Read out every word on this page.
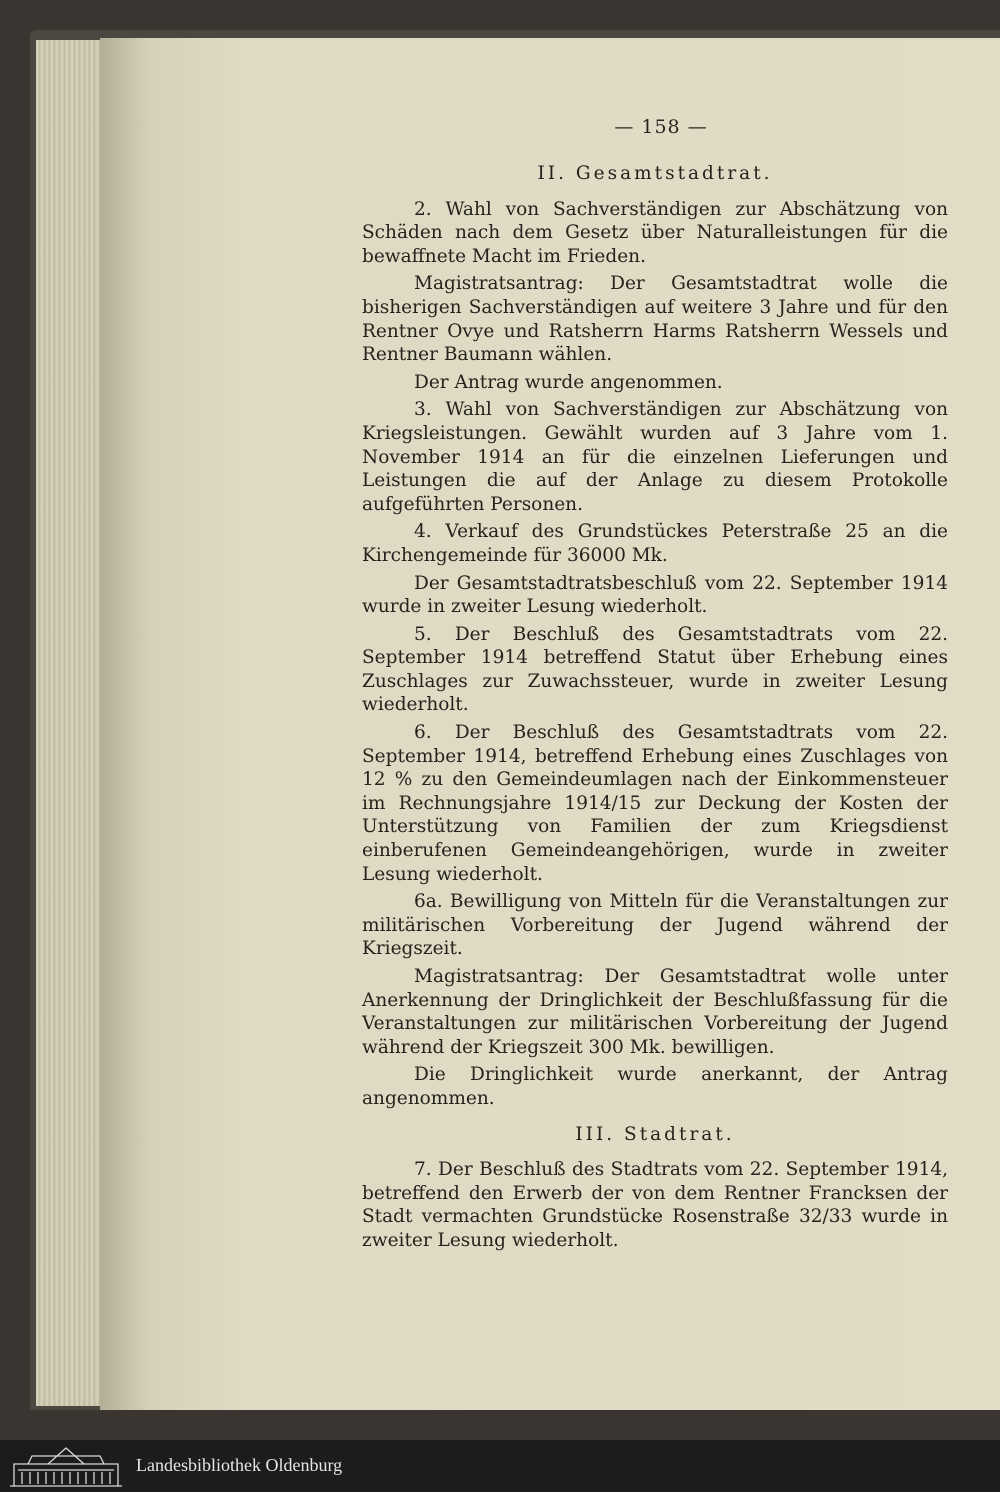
— 158 —

II. Gesamtstadtrat.

2. Wahl von Sachverständigen zur Abschätzung von Schäden nach dem Gesetz über Naturalleistungen für die bewaffnete Macht im Frieden.

Magistratsantrag: Der Gesamtstadtrat wolle die bisherigen Sachverständigen auf weitere 3 Jahre und für den Rentner Ovye und Ratsherrn Harms Ratsherrn Wessels und Rentner Baumann wählen.

Der Antrag wurde angenommen.

3. Wahl von Sachverständigen zur Abschätzung von Kriegsleistungen. Gewählt wurden auf 3 Jahre vom 1. November 1914 an für die einzelnen Lieferungen und Leistungen die auf der Anlage zu diesem Protokolle aufgeführten Personen.

4. Verkauf des Grundstückes Peterstraße 25 an die Kirchengemeinde für 36000 Mk.

Der Gesamtstadtratsbeschluß vom 22. September 1914 wurde in zweiter Lesung wiederholt.

5. Der Beschluß des Gesamtstadtrats vom 22. September 1914 betreffend Statut über Erhebung eines Zuschlages zur Zuwachssteuer, wurde in zweiter Lesung wiederholt.

6. Der Beschluß des Gesamtstadtrats vom 22. September 1914, betreffend Erhebung eines Zuschlages von 12 % zu den Gemeindeumlagen nach der Einkommensteuer im Rechnungsjahre 1914/15 zur Deckung der Kosten der Unterstützung von Familien der zum Kriegsdienst einberufenen Gemeindeangehörigen, wurde in zweiter Lesung wiederholt.

6a. Bewilligung von Mitteln für die Veranstaltungen zur militärischen Vorbereitung der Jugend während der Kriegszeit.

Magistratsantrag: Der Gesamtstadtrat wolle unter Anerkennung der Dringlichkeit der Beschlußfassung für die Veranstaltungen zur militärischen Vorbereitung der Jugend während der Kriegszeit 300 Mk. bewilligen.

Die Dringlichkeit wurde anerkannt, der Antrag angenommen.

III. Stadtrat.

7. Der Beschluß des Stadtrats vom 22. September 1914, betreffend den Erwerb der von dem Rentner Francksen der Stadt vermachten Grundstücke Rosenstraße 32/33 wurde in zweiter Lesung wiederholt.

Landesbibliothek Oldenburg
